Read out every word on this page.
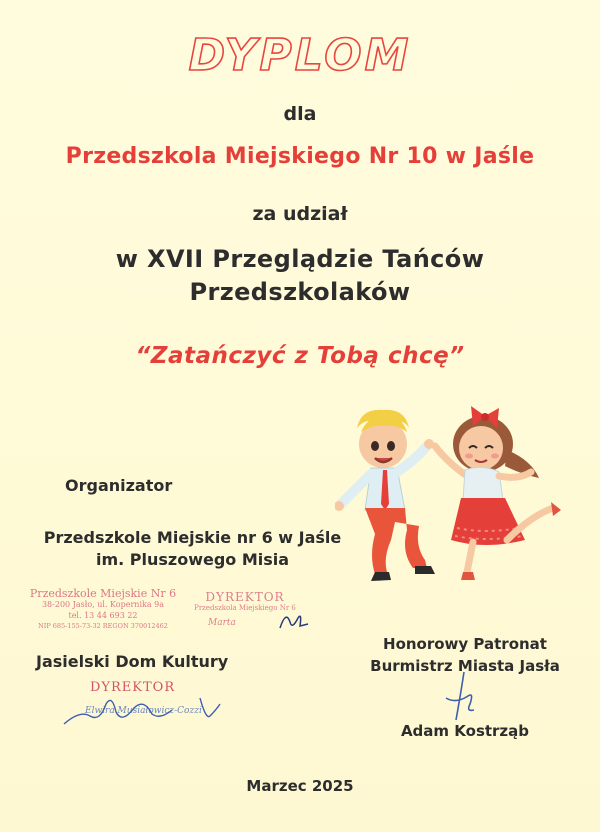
DYPLOM
dla
Przedszkola Miejskiego Nr 10 w Jaśle
za udział
w XVII Przeglądzie Tańców
Przedszkolaków
“Zatańczyć z Tobą chcę”
Organizator
Przedszkole Miejskie nr 6 w Jaśle
im. Pluszowego Misia
Przedszkole Miejskie Nr 6
38-200 Jasło, ul. Kopernika 9a
tel. 13 44 693 22
NIP 685-155-73-32 REGON 370012462
DYREKTOR
Przedszkola Miejskiego Nr 6
Marta
Jasielski Dom Kultury
DYREKTOR
Elwira Musiałowicz-Cozzi
Honorowy Patronat
Burmistrz Miasta Jasła
Adam Kostrząb
Marzec 2025
